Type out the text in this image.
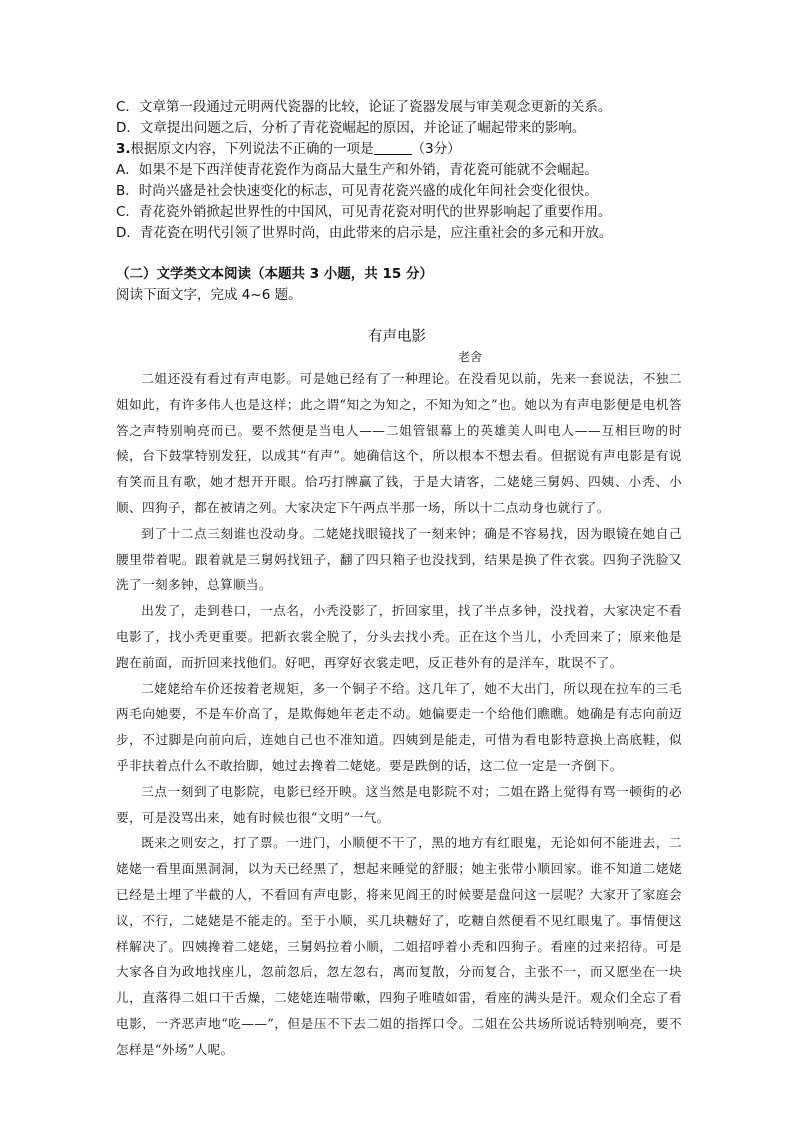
C．文章第一段通过元明两代瓷器的比较，论证了瓷器发展与审美观念更新的关系。
D．文章提出问题之后，分析了青花瓷崛起的原因，并论证了崛起带来的影响。
3.根据原文内容，下列说法不正确的一项是	（3分）
A．如果不是下西洋使青花瓷作为商品大量生产和外销，青花瓷可能就不会崛起。
B．时尚兴盛是社会快速变化的标志，可见青花瓷兴盛的成化年间社会变化很快。
C．青花瓷外销掀起世界性的中国风，可见青花瓷对明代的世界影响起了重要作用。
D．青花瓷在明代引领了世界时尚，由此带来的启示是，应注重社会的多元和开放。
（二）文学类文本阅读（本题共 3 小题，共 15 分）
阅读下面文字，完成 4~6 题。
有声电影
老舍

二姐还没有看过有声电影。可是她已经有了一种理论。在没看见以前，先来一套说法，不独二姐如此，有许多伟人也是这样；此之谓“知之为知之，不知为知之”也。她以为有声电影便是电机答答之声特别响亮而已。要不然便是当电人——二姐管银幕上的英雄美人叫电人——互相巨吻的时候，台下鼓掌特别发狂，以成其“有声”。她确信这个，所以根本不想去看。但据说有声电影是有说有笑而且有歌，她才想开开眼。恰巧打牌赢了钱，于是大请客，二姥姥三舅妈、四姨、小秃、小顺、四狗子，都在被请之列。大家决定下午两点半那一场，所以十二点动身也就行了。

到了十二点三刻谁也没动身。二姥姥找眼镜找了一刻来钟；确是不容易找，因为眼镜在她自己腰里带着呢。跟着就是三舅妈找钮子，翻了四只箱子也没找到，结果是换了件衣裳。四狗子洗脸又洗了一刻多钟，总算顺当。

出发了，走到巷口，一点名，小秃没影了，折回家里，找了半点多钟，没找着，大家决定不看电影了，找小秃更重要。把新衣裳全脱了，分头去找小秃。正在这个当儿，小秃回来了；原来他是跑在前面，而折回来找他们。好吧，再穿好衣裳走吧，反正巷外有的是洋车，耽误不了。

二姥姥给车价还按着老规矩，多一个铜子不给。这几年了，她不大出门，所以现在拉车的三毛两毛向她要，不是车价高了，是欺侮她年老走不动。她偏要走一个给他们瞧瞧。她确是有志向前迈步，不过脚是向前向后，连她自己也不准知道。四姨到是能走，可惜为看电影特意换上高底鞋，似乎非扶着点什么不敢抬脚，她过去搀着二姥姥。要是跌倒的话，这二位一定是一齐倒下。

三点一刻到了电影院，电影已经开映。这当然是电影院不对；二姐在路上觉得有骂一顿街的必要，可是没骂出来，她有时候也很“文明”一气。

既来之则安之，打了票。一进门，小顺便不干了，黑的地方有红眼鬼，无论如何不能进去，二姥姥一看里面黑洞洞，以为天已经黑了，想起来睡觉的舒服；她主张带小顺回家。谁不知道二姥姥已经是土埋了半截的人，不看回有声电影，将来见阎王的时候要是盘问这一层呢？大家开了家庭会议，不行，二姥姥是不能走的。至于小顺，买几块糖好了，吃糖自然便看不见红眼鬼了。事情便这样解决了。四姨搀着二姥姥，三舅妈拉着小顺，二姐招呼着小秃和四狗子。看座的过来招待。可是大家各自为政地找座儿，忽前忽后，忽左忽右，离而复散，分而复合，主张不一，而又愿坐在一块儿，直落得二姐口干舌燥，二姥姥连喘带嗽，四狗子唯喳如雷，看座的满头是汗。观众们全忘了看电影，一齐恶声地“吃——”，但是压不下去二姐的指挥口令。二姐在公共场所说话特别响亮，要不怎样是“外场”人呢。
